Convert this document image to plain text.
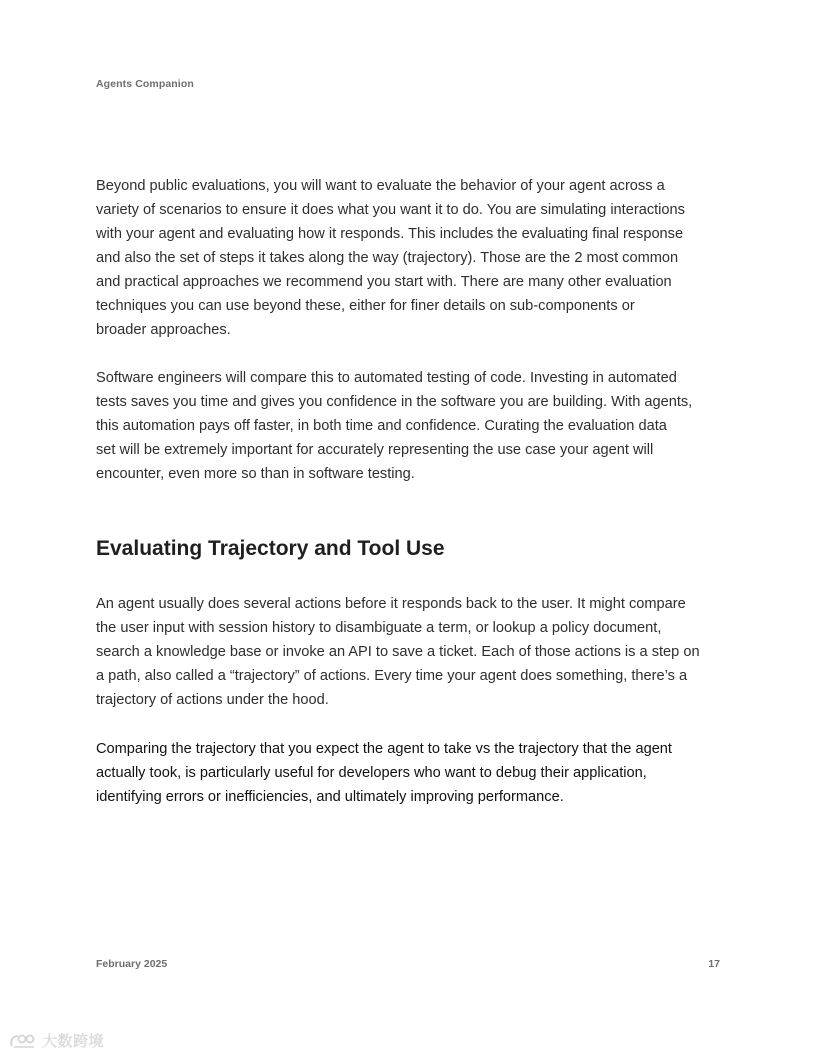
Agents Companion

Beyond public evaluations, you will want to evaluate the behavior of your agent across a
variety of scenarios to ensure it does what you want it to do. You are simulating interactions
with your agent and evaluating how it responds. This includes the evaluating final response
and also the set of steps it takes along the way (trajectory). Those are the 2 most common
and practical approaches we recommend you start with. There are many other evaluation
techniques you can use beyond these, either for finer details on sub-components or
broader approaches.

Software engineers will compare this to automated testing of code. Investing in automated
tests saves you time and gives you confidence in the software you are building. With agents,
this automation pays off faster, in both time and confidence. Curating the evaluation data
set will be extremely important for accurately representing the use case your agent will
encounter, even more so than in software testing.

Evaluating Trajectory and Tool Use

An agent usually does several actions before it responds back to the user. It might compare
the user input with session history to disambiguate a term, or lookup a policy document,
search a knowledge base or invoke an API to save a ticket. Each of those actions is a step on
a path, also called a “trajectory” of actions. Every time your agent does something, there’s a
trajectory of actions under the hood.

Comparing the trajectory that you expect the agent to take vs the trajectory that the agent
actually took, is particularly useful for developers who want to debug their application,
identifying errors or inefficiencies, and ultimately improving performance.

February 2025	17
大数跨境
